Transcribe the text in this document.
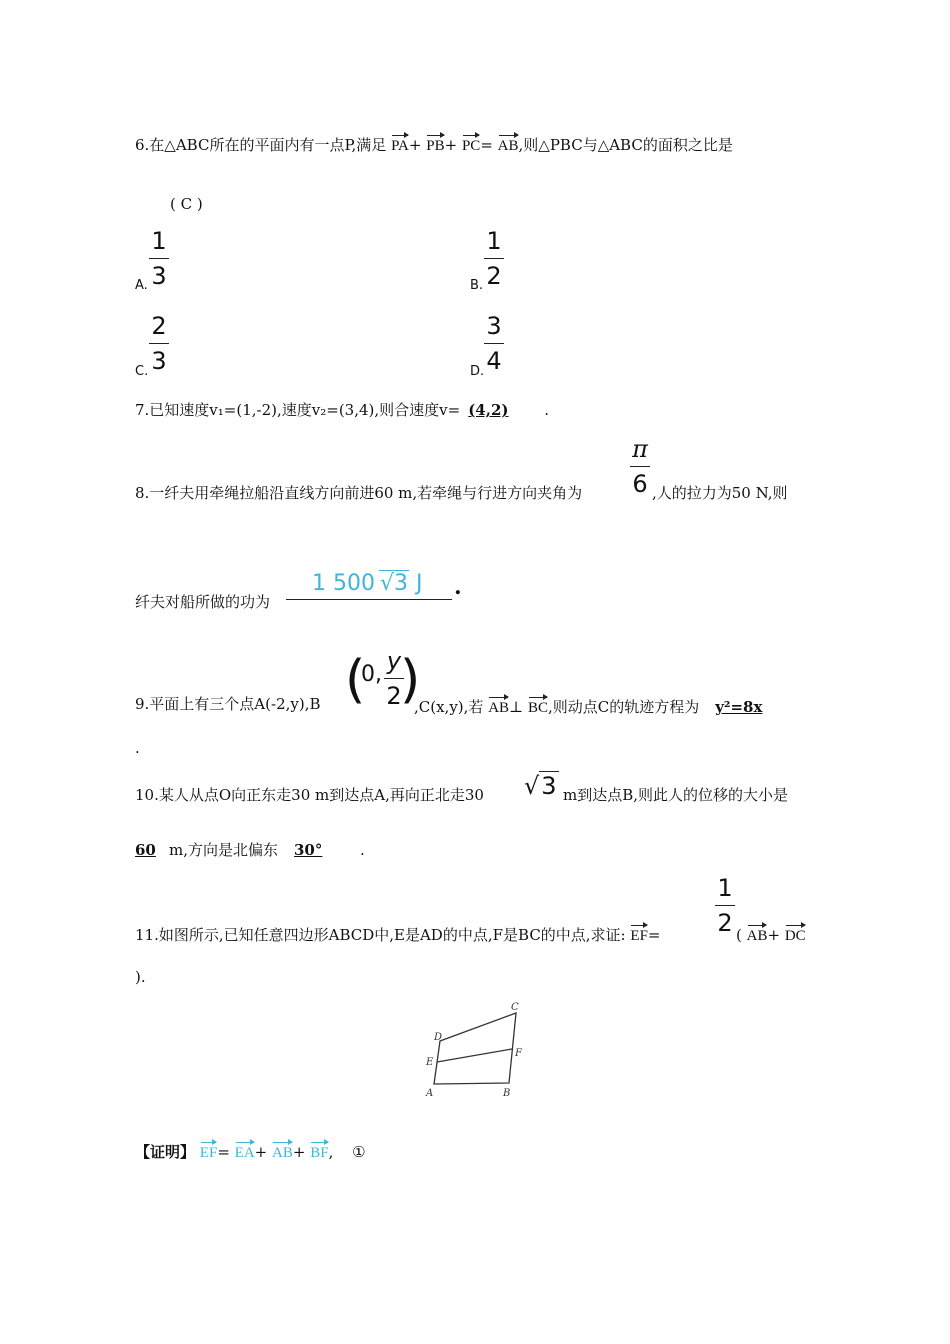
6.在△ABC所在的平面内有一点P,满足 PA+ PB+ PC= AB,则△PBC与△ABC的面积之比是
( C )
A.
1
3	B.
1
2
C.
2
3	D.
3
4
7.已知速度v₁=(1,-2),速度v₂=(3,4),则合速度v= (4,2) .
8.一纤夫用牵绳拉船沿直线方向前进60 m,若牵绳与行进方向夹角为
π
6 ,人的拉力为50 N,则
纤夫对船所做的功为
1 500 √3 J	.
9.平面上有三个点A(-2,y),B (
0, y
2
)
,C(x,y),若 AB⊥ BC,则动点C的轨迹方程为 y²=8x
.
10.某人从点O向正东走30 m到达点A,再向正北走30 √3 m到达点B,则此人的位移的大小是
60 m,方向是北偏东 30°	.
11.如图所示,已知任意四边形ABCD中,E是AD的中点,F是BC的中点,求证: EF=
1
2 ( AB+ DC
).
C
D
F
E
A	B
【证明】 EF= EA+ AB+ BF, ①
